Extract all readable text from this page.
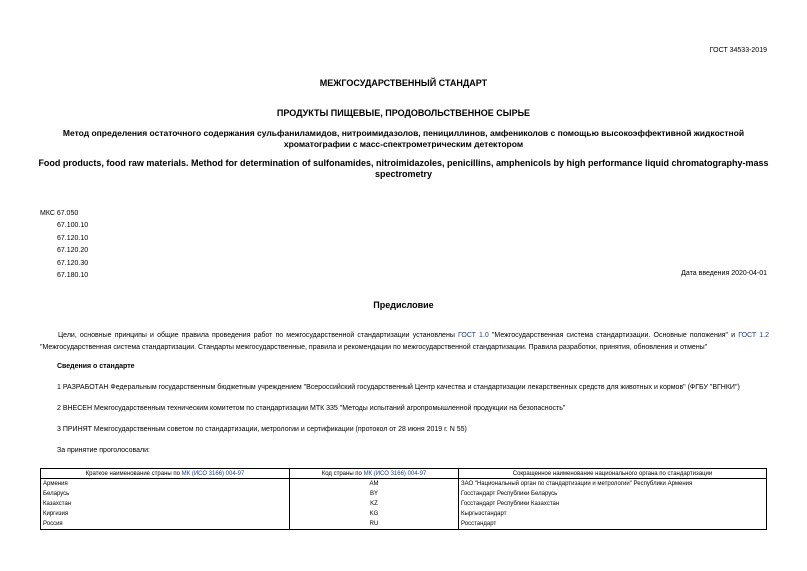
ГОСТ 34533-2019
МЕЖГОСУДАРСТВЕННЫЙ СТАНДАРТ
ПРОДУКТЫ ПИЩЕВЫЕ, ПРОДОВОЛЬСТВЕННОЕ СЫРЬЕ
Метод определения остаточного содержания сульфаниламидов, нитроимидазолов, пенициллинов, амфениколов с помощью высокоэффективной жидкостной хроматографии с масс-спектрометрическим детектором
Food products, food raw materials. Method for determination of sulfonamides, nitroimidazoles, penicillins, amphenicols by high performance liquid chromatography-mass spectrometry
МКС 67.050
67.100.10
67.120.10
67.120.20
67.120.30
67.180.10	Дата введения 2020-04-01
Предисловие
Цели, основные принципы и общие правила проведения работ по межгосударственной стандартизации установлены ГОСТ 1.0 "Межгосударственная система стандартизации. Основные положения" и ГОСТ 1.2 "Межгосударственная система стандартизации. Стандарты межгосударственные, правила и рекомендации по межгосударственной стандартизации. Правила разработки, принятия, обновления и отмены"
Сведения о стандарте
1 РАЗРАБОТАН Федеральным государственным бюджетным учреждением "Всероссийский государственный Центр качества и стандартизации лекарственных средств для животных и кормов" (ФГБУ "ВГНКИ")
2 ВНЕСЕН Межгосударственным техническим комитетом по стандартизации МТК 335 "Методы испытаний агропромышленной продукции на безопасность"
3 ПРИНЯТ Межгосударственным советом по стандартизации, метрологии и сертификации (протокол от 28 июня 2019 г. N 55)
За принятие проголосовали:
Краткое наименование страны по МК (ИСО 3166) 004-97	Код страны по МК (ИСО 3166) 004-97	Сокращенное наименование национального органа по стандартизации
Армения	AM	ЗАО "Национальный орган по стандартизации и метрологии" Республики Армения
Беларусь	BY	Госстандарт Республики Беларусь
Казахстан	KZ	Госстандарт Республики Казахстан
Киргизия	KG	Кыргызстандарт
Россия	RU	Росстандарт
